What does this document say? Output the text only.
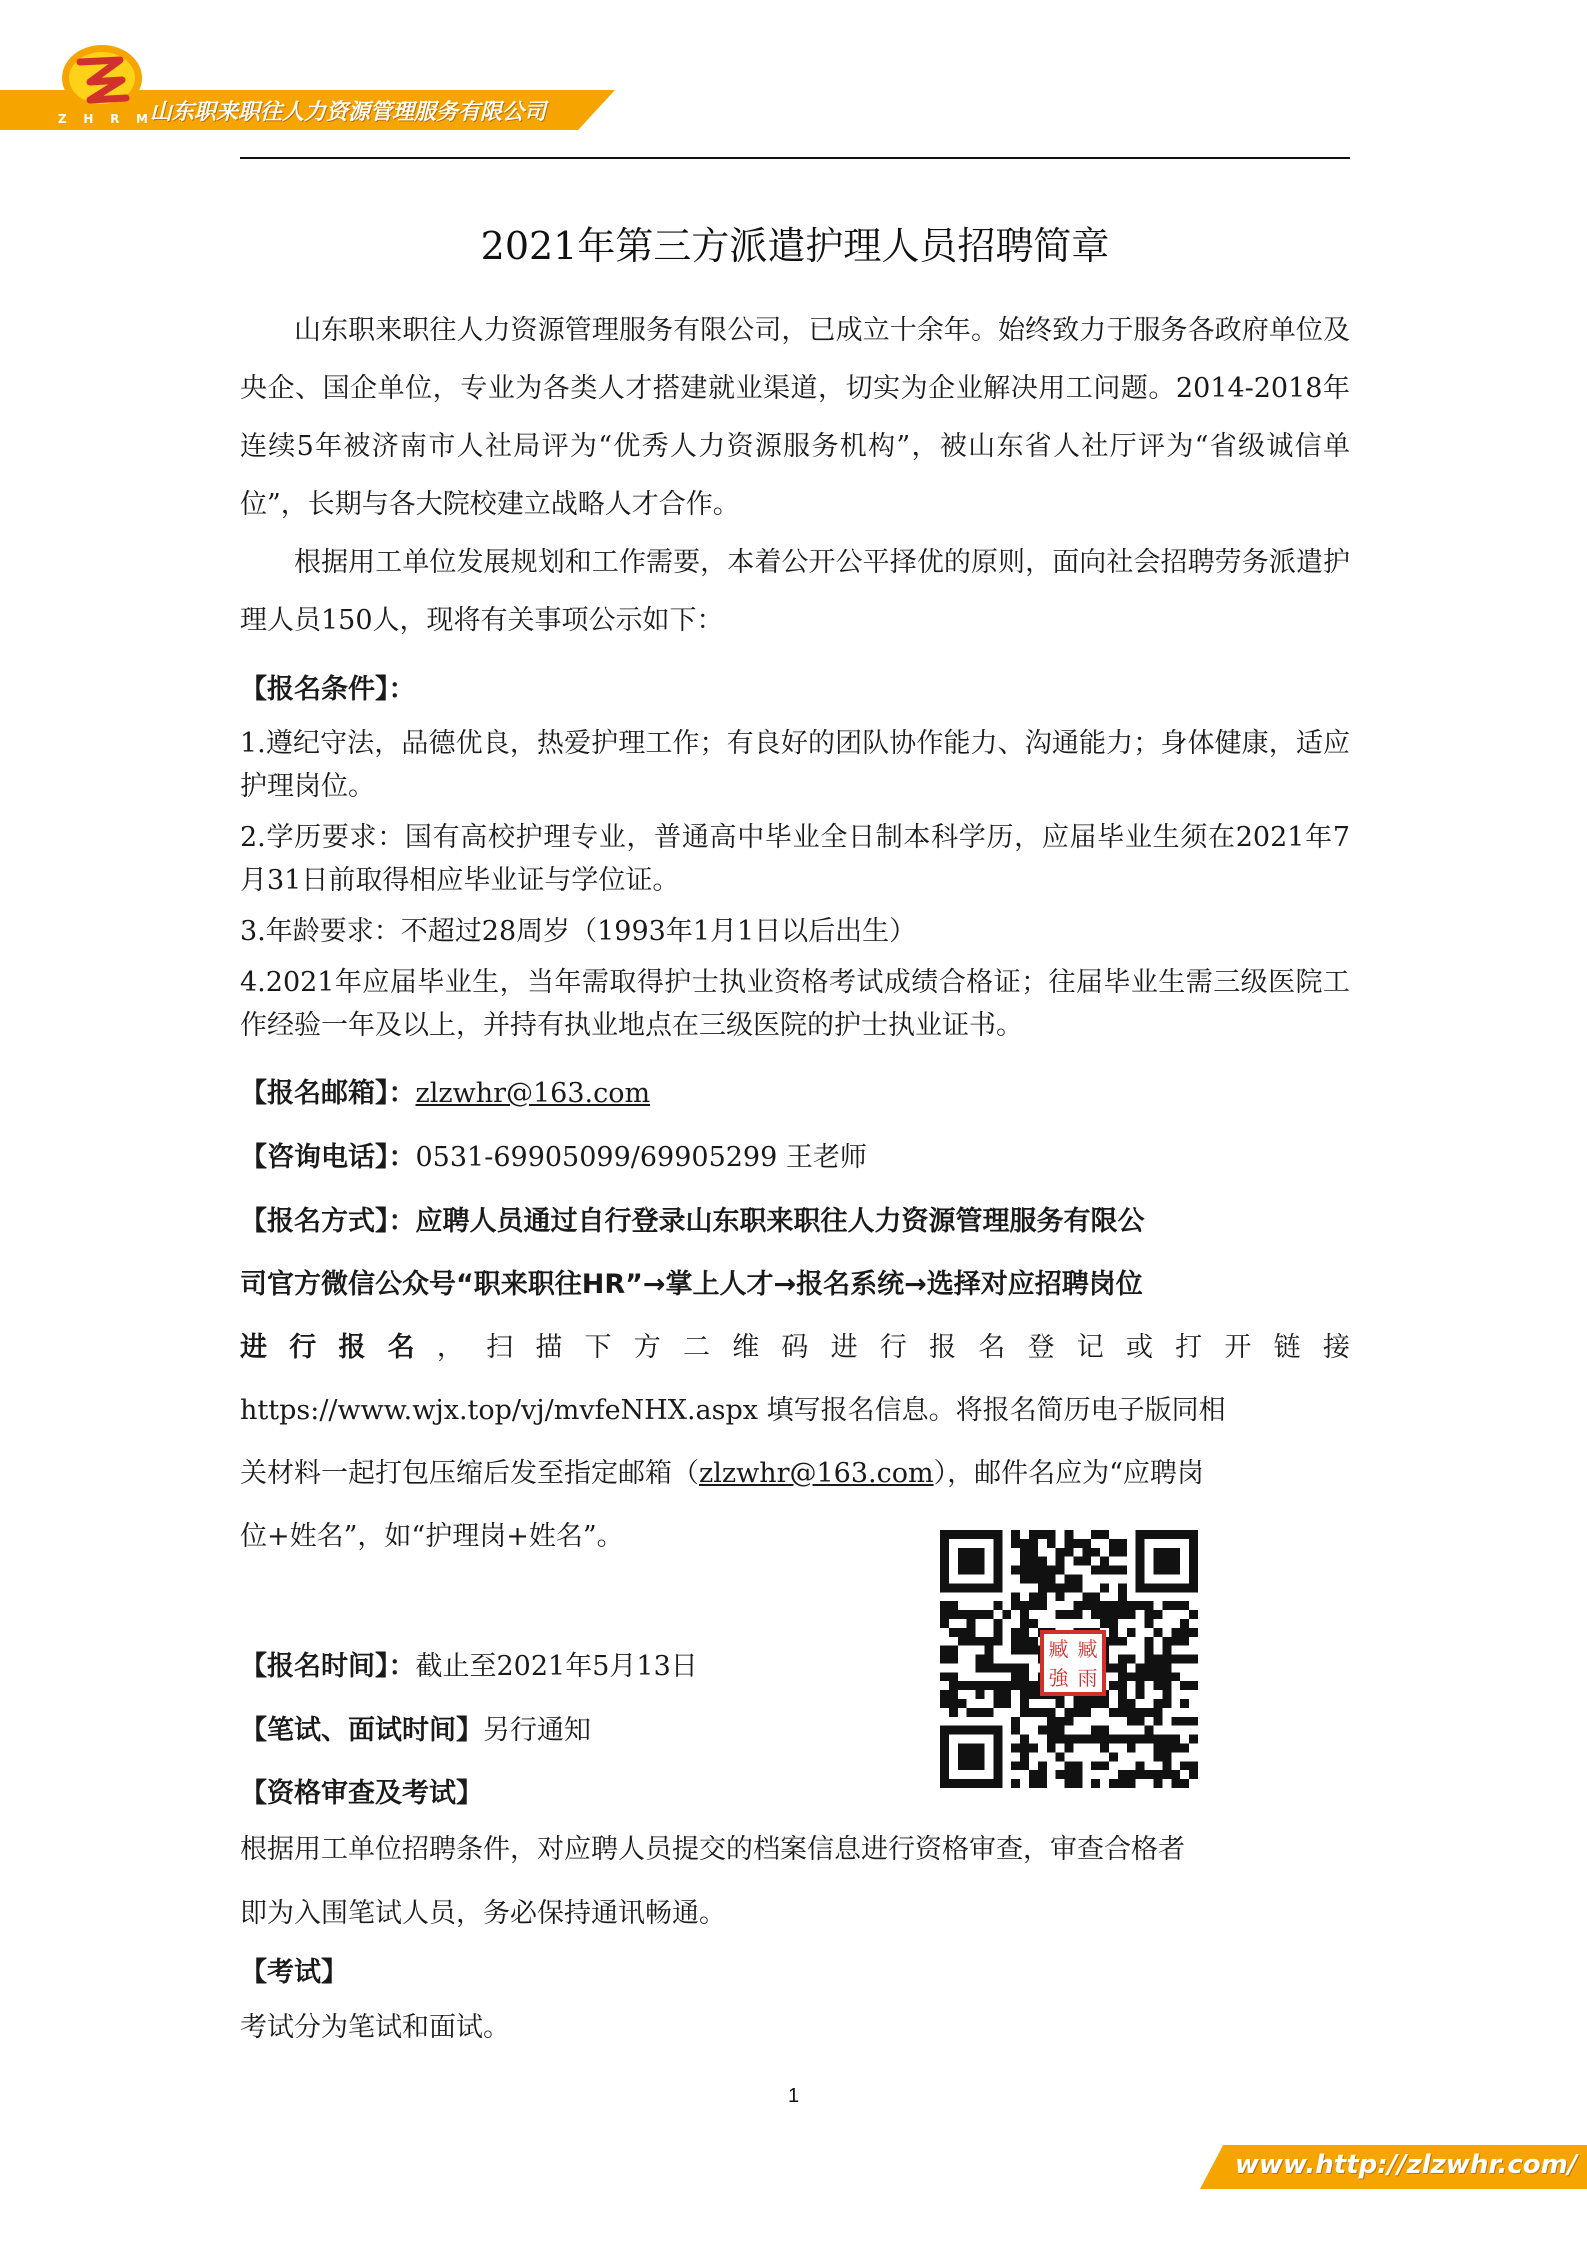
Z H R M 山东职来职往人力资源管理服务有限公司
2021年第三方派遣护理人员招聘简章

山东职来职往人力资源管理服务有限公司，已成立十余年。始终致力于服务各政府单位及央企、国企单位，专业为各类人才搭建就业渠道，切实为企业解决用工问题。2014-2018年连续5年被济南市人社局评为“优秀人力资源服务机构”，被山东省人社厅评为“省级诚信单位”，长期与各大院校建立战略人才合作。

根据用工单位发展规划和工作需要，本着公开公平择优的原则，面向社会招聘劳务派遣护理人员150人，现将有关事项公示如下：

【报名条件】：

1.遵纪守法，品德优良，热爱护理工作；有良好的团队协作能力、沟通能力；身体健康，适应护理岗位。

2.学历要求：国有高校护理专业，普通高中毕业全日制本科学历，应届毕业生须在2021年7月31日前取得相应毕业证与学位证。

3.年龄要求：不超过28周岁（1993年1月1日以后出生）

4.2021年应届毕业生，当年需取得护士执业资格考试成绩合格证；往届毕业生需三级医院工作经验一年及以上，并持有执业地点在三级医院的护士执业证书。

【报名邮箱】：zlzwhr@163.com
【咨询电话】：0531-69905099/69905299 王老师
【报名方式】：应聘人员通过自行登录山东职来职往人力资源管理服务有限公
司官方微信公众号“职来职往HR”→掌上人才→报名系统→选择对应招聘岗位
进 行 报 名 ， 扫 描 下 方 二 维 码 进 行 报 名 登 记 或 打 开 链 接
https://www.wjx.top/vj/mvfeNHX.aspx 填写报名信息。将报名简历电子版同相
关材料一起打包压缩后发至指定邮箱（zlzwhr@163.com），邮件名应为“应聘岗
位+姓名”，如“护理岗+姓名”。
臧 臧
強 雨
【报名时间】：截止至2021年5月13日
【笔试、面试时间】另行通知
【资格审查及考试】
根据用工单位招聘条件，对应聘人员提交的档案信息进行资格审查，审查合格者
即为入围笔试人员，务必保持通讯畅通。
【考试】
考试分为笔试和面试。
1
www.http://zlzwhr.com/
